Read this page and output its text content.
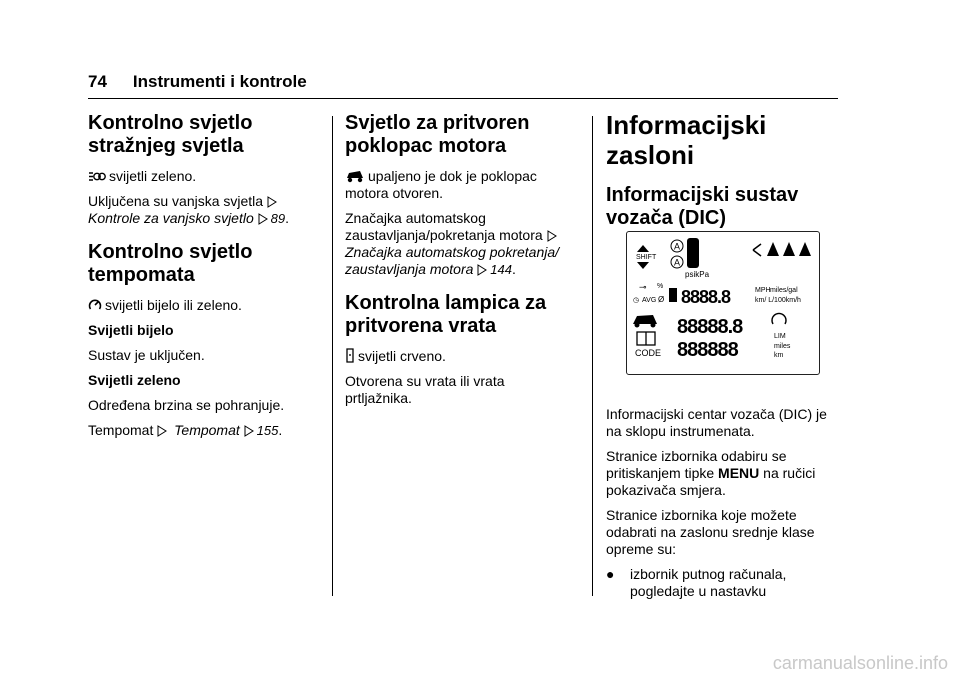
74 Instrumenti i kontrole
Kontrolno svjetlo
stražnjeg svjetla

svijetli zeleno.

Uključena su vanjska svjetla
Kontrole za vanjsko svjetlo 89.

Kontrolno svjetlo
tempomata

svijetli bijelo ili zeleno.

Svijetli bijelo

Sustav je uključen.

Svijetli zeleno

Određena brzina se pohranjuje.

Tempomat Tempomat 155.

Svjetlo za pritvoren
poklopac motora

upaljeno je dok je poklopac
motora otvoren.

Značajka automatskog
zaustavljanja/pokretanja motora
Značajka automatskog pokretanja/
zaustavljanja motora 144.

Kontrolna lampica za
pritvorena vrata

svijetli crveno.

Otvorena su vrata ili vrata
prtljažnika.

Informacijski zasloni
Informacijski sustav
vozača (DIC)
SHIFT
A
A
psikPa
⊸ %
◷ AVG Ø 8888.8	MPH miles/gal
km/ L/100km/h
88888.8	LIM
CODE 888888	miles
km

Informacijski centar vozača (DIC) je
na sklopu instrumenata.

Stranice izbornika odabiru se
pritiskanjem tipke MENU na ručici
pokazivača smjera.

Stranice izbornika koje možete
odabrati na zaslonu srednje klase
opreme su:

●	izbornik putnog računala,
pogledajte u nastavku
carmanualsonline.info
